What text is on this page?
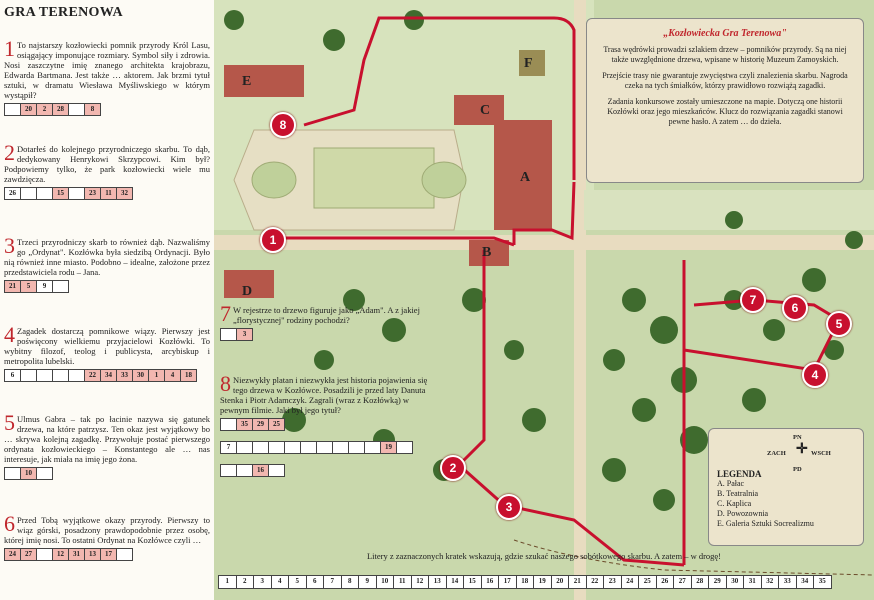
GRA TERENOWA
A
B
C
D
E
F
1
2
3
4
5
6
7
8
„Kozłowiecka Gra Terenowa"

Trasa wędrówki prowadzi szlakiem drzew – pomników przyrody. Są na niej także uwzględnione drzewa, wpisane w historię Muzeum Zamoyskich.

Przejście trasy nie gwarantuje zwycięstwa czyli znalezienia skarbu. Nagroda czeka na tych śmiałków, którzy prawidłowo rozwiążą zagadki.

Zadania konkursowe zostały umieszczone na mapie. Dotyczą one historii Kozłówki oraz jego mieszkańców. Klucz do rozwiązania zagadki stanowi pewne hasło. A zatem … do dzieła.

PN
ZACH	WSCH
PD
✛
LEGENDA
A. Pałac
B. Teatralnia
C. Kaplica
D. Powozownia
E. Galeria Sztuki Socrealizmu
1 To najstarszy kozłowiecki pomnik przyrody Król Lasu, osiągający imponujące rozmiary. Symbol siły i zdrowia. Nosi zaszczytne imię znanego architekta krajobrazu, Edwarda Bartmana. Jest także … aktorem. Jak brzmi tytuł sztuki, w dramatu Wiesława Myśliwskiego w którym wystąpił?
20	2	28	8
2 Dotarłeś do kolejnego przyrodniczego skarbu. To dąb, dedykowany Henrykowi Skrzypcowi. Kim był? Podpowiemy tylko, że park kozłowiecki wiele mu zawdzięcza.
26	15	23	11	32
3 Trzeci przyrodniczy skarb to również dąb. Nazwaliśmy go „Ordynat". Kozłówka była siedzibą Ordynacji. Było nią również inne miasto. Podobno – idealne, założone przez przedstawiciela rodu – Jana.
21	5	9
4 Zagadek dostarczą pomnikowe wiązy. Pierwszy jest poświęcony wielkiemu przyjacielowi Kozłówki. To wybitny filozof, teolog i publicysta, arcybiskup i metropolita lubelski.
6	22	34	33	30	1	4	18
5 Ulmus Gabra – tak po łacinie nazywa się gatunek drzewa, na które patrzysz. Ten okaz jest wyjątkowy bo … skrywa kolejną zagadkę. Przywołuje postać pierwszego ordynata kozłowieckiego – Konstantego ale … nas interesuje, jak miała na imię jego żona.
10
6 Przed Tobą wyjątkowe okazy przyrody. Pierwszy to wiąz górski, posadzony prawdopodobnie przez osobę, której imię nosi. To ostatni Ordynat na Kozłówce czyli …
24	27	12	31	13	17
7 W rejestrze to drzewo figuruje jako „Adam". A z jakiej „florystycznej" rodziny pochodzi?
3
8 Niezwykły platan i niezwykła jest historia pojawienia się tego drzewa w Kozłówce. Posadzili je przed laty Danuta Stenka i Piotr Adamczyk. Zagrali (wraz z Kozłówką) w pewnym filmie. Jaki był jego tytuł?
35	29	25
7	19
16
Litery z zaznaczonych kratek wskazują, gdzie szukać naszego sobótkowego skarbu. A zatem – w drogę!
1	2	3	4	5	6	7	8	9	10	11	12	13	14	15	16	17	18	19	20	21	22	23	24	25	26	27	28	29	30	31	32	33	34	35
